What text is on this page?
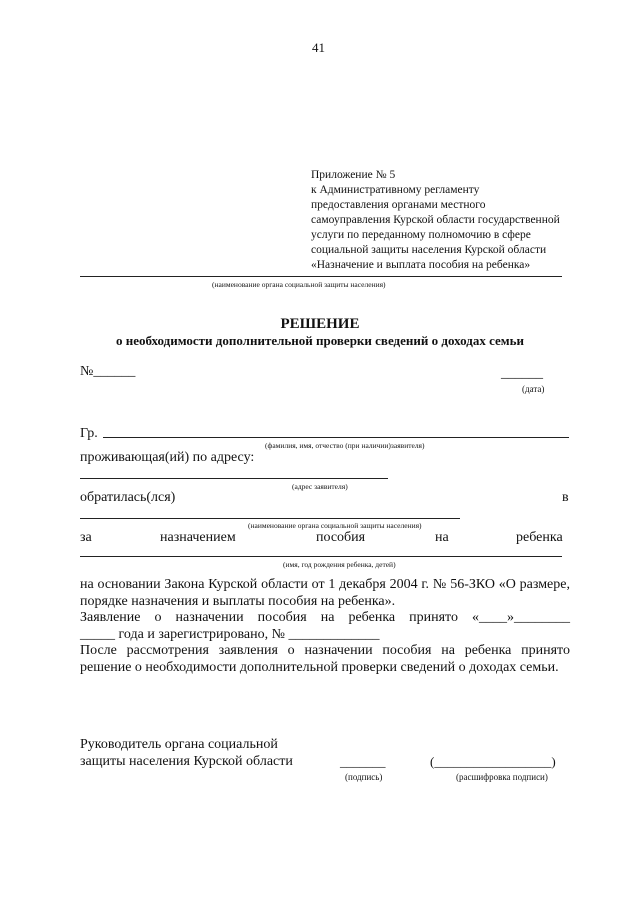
41
Приложение № 5
к Административному регламенту
предоставления органами местного
самоуправления Курской области государственной
услуги по переданному полномочию в сфере
социальной защиты населения Курской области
«Назначение и выплата пособия на ребенка»
(наименование органа социальной защиты населения)
РЕШЕНИЕ
о необходимости дополнительной проверки сведений о доходах семьи
№______	______
(дата)
Гр.
(фамилия, имя, отчество (при наличии)заявителя)
проживающая(ий) по адресу:
(адрес заявителя)
обратилась(лся)	в
(наименование органа социальной защиты населения)
за	назначением	пособия	на	ребенка
(имя, год рождения ребенка, детей)
на основании Закона Курской области от 1 декабря 2004 г. № 56-ЗКО «О размере, порядке назначения и выплаты пособия на ребенка».
Заявление о назначении пособия на ребенка принято «____»________
_____ года и зарегистрировано, № _____________
После рассмотрения заявления о назначении пособия на ребенка принято решение о необходимости дополнительной проверки сведений о доходах семьи.
Руководитель органа социальной
защиты населения Курской области	_______	(__________________)
(подпись)	(расшифровка подписи)
